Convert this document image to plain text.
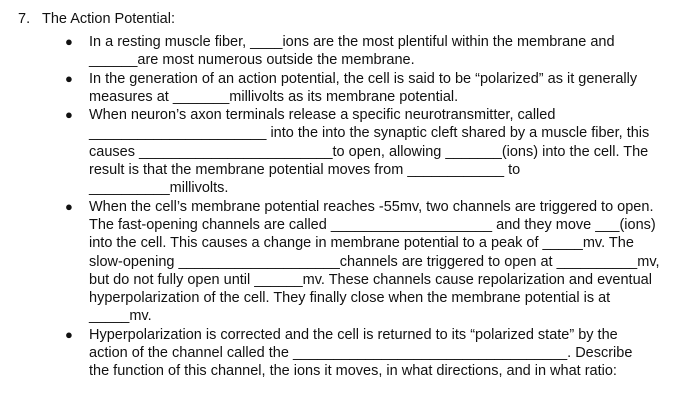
7. The Action Potential:
● In a resting muscle fiber, ____ions are the most plentiful within the membrane and
______are most numerous outside the membrane.
● In the generation of an action potential, the cell is said to be “polarized” as it generally
measures at _______millivolts as its membrane potential.
● When neuron’s axon terminals release a specific neurotransmitter, called
______________________ into the into the synaptic cleft shared by a muscle fiber, this
causes ________________________to open, allowing _______(ions) into the cell. The
result is that the membrane potential moves from ____________ to
__________millivolts.
● When the cell’s membrane potential reaches -55mv, two channels are triggered to open.
The fast-opening channels are called ____________________ and they move ___(ions)
into the cell. This causes a change in membrane potential to a peak of _____mv. The
slow-opening ____________________channels are triggered to open at __________mv,
but do not fully open until ______mv. These channels cause repolarization and eventual
hyperpolarization of the cell. They finally close when the membrane potential is at
_____mv.
● Hyperpolarization is corrected and the cell is returned to its “polarized state” by the
action of the channel called the __________________________________. Describe
the function of this channel, the ions it moves, in what directions, and in what ratio:
